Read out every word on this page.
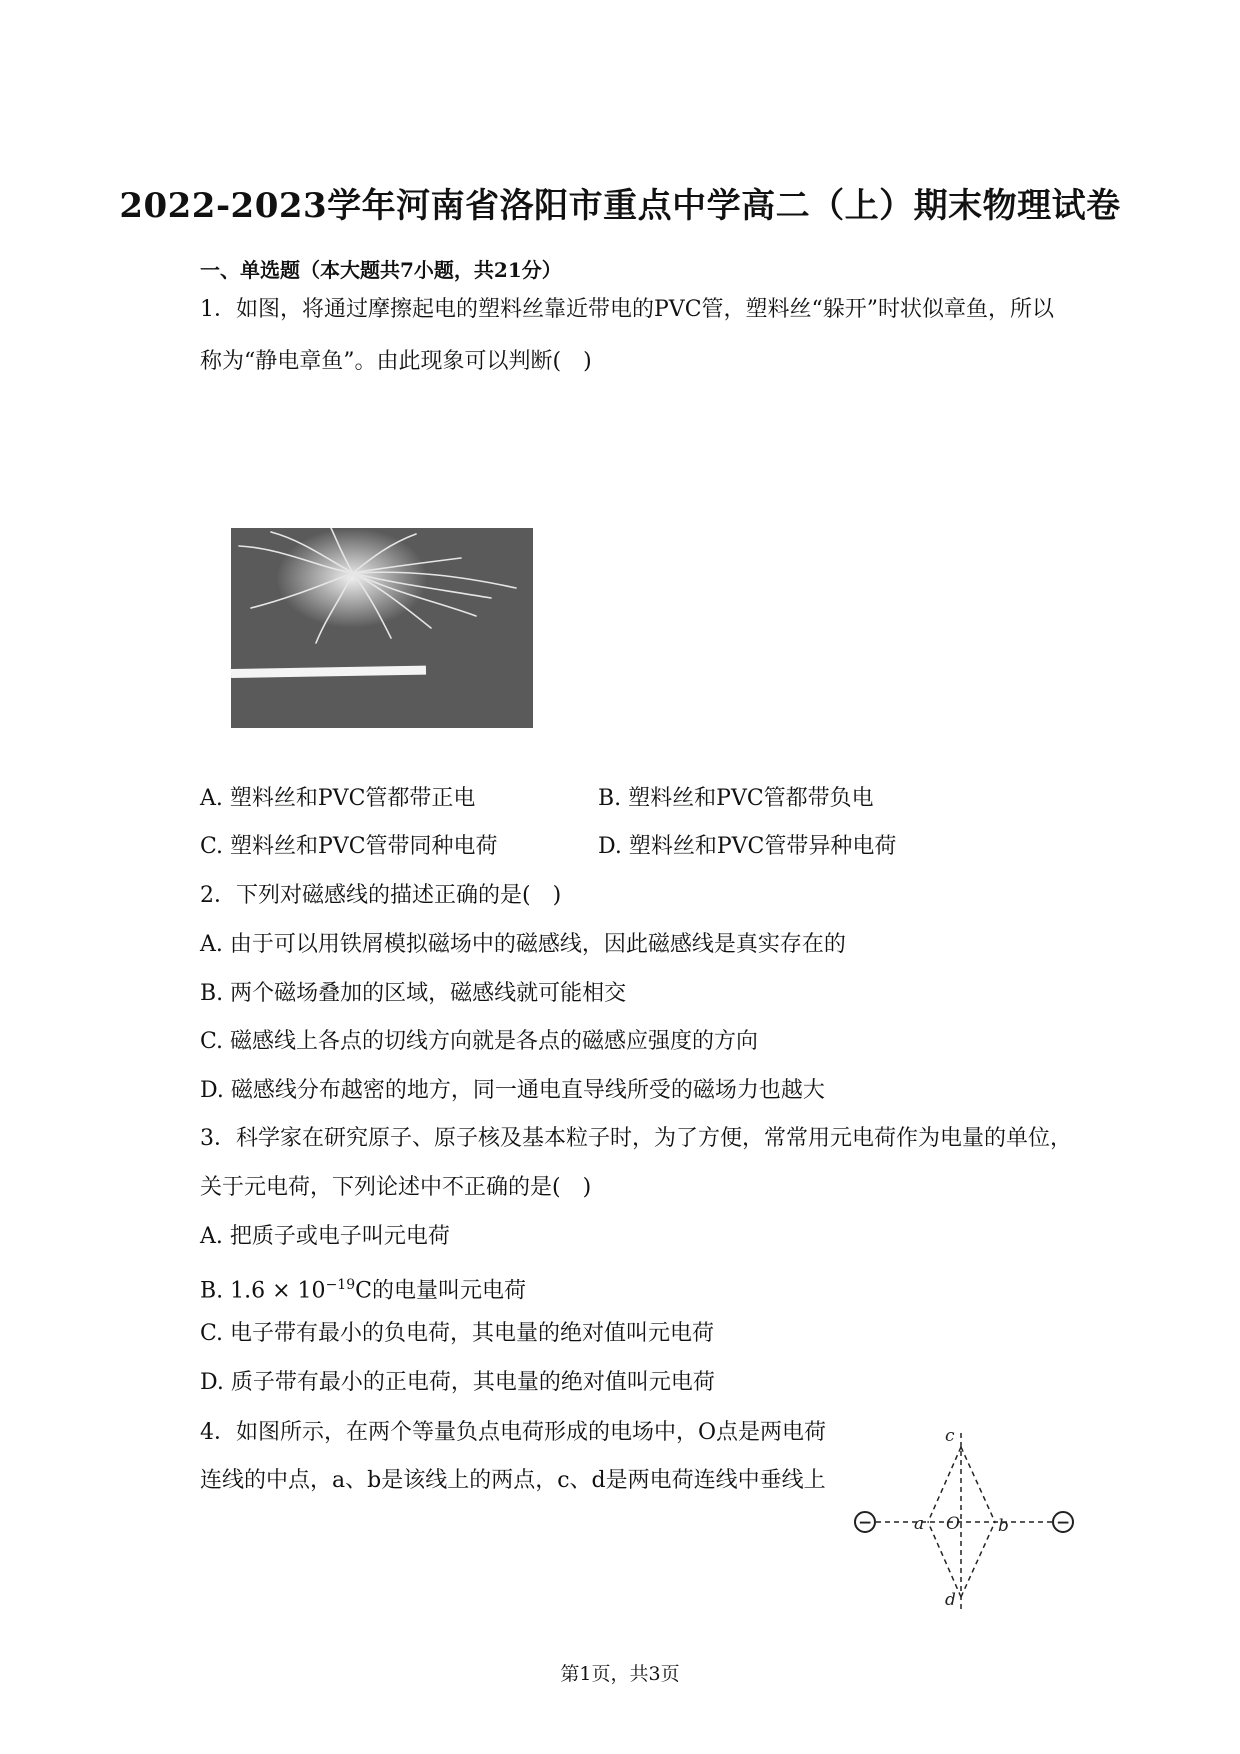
2022-2023学年河南省洛阳市重点中学高二（上）期末物理试卷
一、单选题（本大题共7小题，共21分）
1．如图，将通过摩擦起电的塑料丝靠近带电的PVC管，塑料丝“躲开”时状似章鱼，所以
称为“静电章鱼”。由此现象可以判断(　)
A. 塑料丝和PVC管都带正电	B. 塑料丝和PVC管都带负电
C. 塑料丝和PVC管带同种电荷	D. 塑料丝和PVC管带异种电荷
2．下列对磁感线的描述正确的是(　)
A. 由于可以用铁屑模拟磁场中的磁感线，因此磁感线是真实存在的
B. 两个磁场叠加的区域，磁感线就可能相交
C. 磁感线上各点的切线方向就是各点的磁感应强度的方向
D. 磁感线分布越密的地方，同一通电直导线所受的磁场力也越大
3．科学家在研究原子、原子核及基本粒子时，为了方便，常常用元电荷作为电量的单位，
关于元电荷，下列论述中不正确的是(　)
A. 把质子或电子叫元电荷
B. $1.6 \times 10^{-19}C$的电量叫元电荷
C. 电子带有最小的负电荷，其电量的绝对值叫元电荷
D. 质子带有最小的正电荷，其电量的绝对值叫元电荷
4．如图所示，在两个等量负点电荷形成的电场中，O点是两电荷
连线的中点，a、b是该线上的两点，c、d是两电荷连线中垂线上
−	−
c
d
a	b
O
第1页，共3页
